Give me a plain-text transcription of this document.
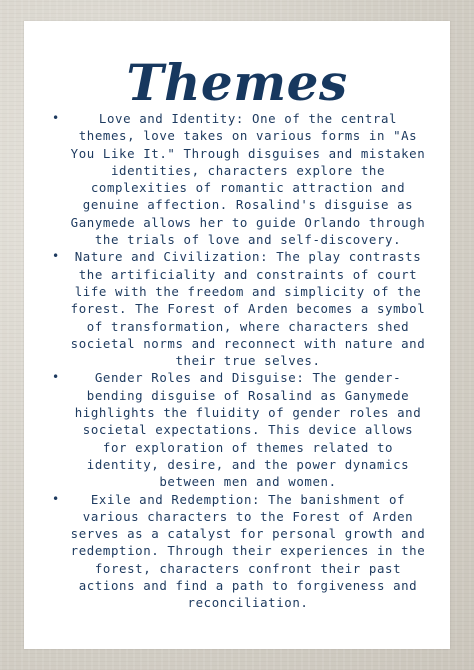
Themes
•	Love and Identity: One of the central themes, love takes on various forms in "As You Like It." Through disguises and mistaken identities, characters explore the complexities of romantic attraction and genuine affection. Rosalind's disguise as Ganymede allows her to guide Orlando through the trials of love and self-discovery.
• Nature and Civilization: The play contrasts the artificiality and constraints of court life with the freedom and simplicity of the forest. The Forest of Arden becomes a symbol of transformation, where characters shed societal norms and reconnect with nature and their true selves.
•	Gender Roles and Disguise: The gender-bending disguise of Rosalind as Ganymede highlights the fluidity of gender roles and societal expectations. This device allows for exploration of themes related to identity, desire, and the power dynamics between men and women.
•	Exile and Redemption: The banishment of various characters to the Forest of Arden serves as a catalyst for personal growth and redemption. Through their experiences in the forest, characters confront their past actions and find a path to forgiveness and reconciliation.
